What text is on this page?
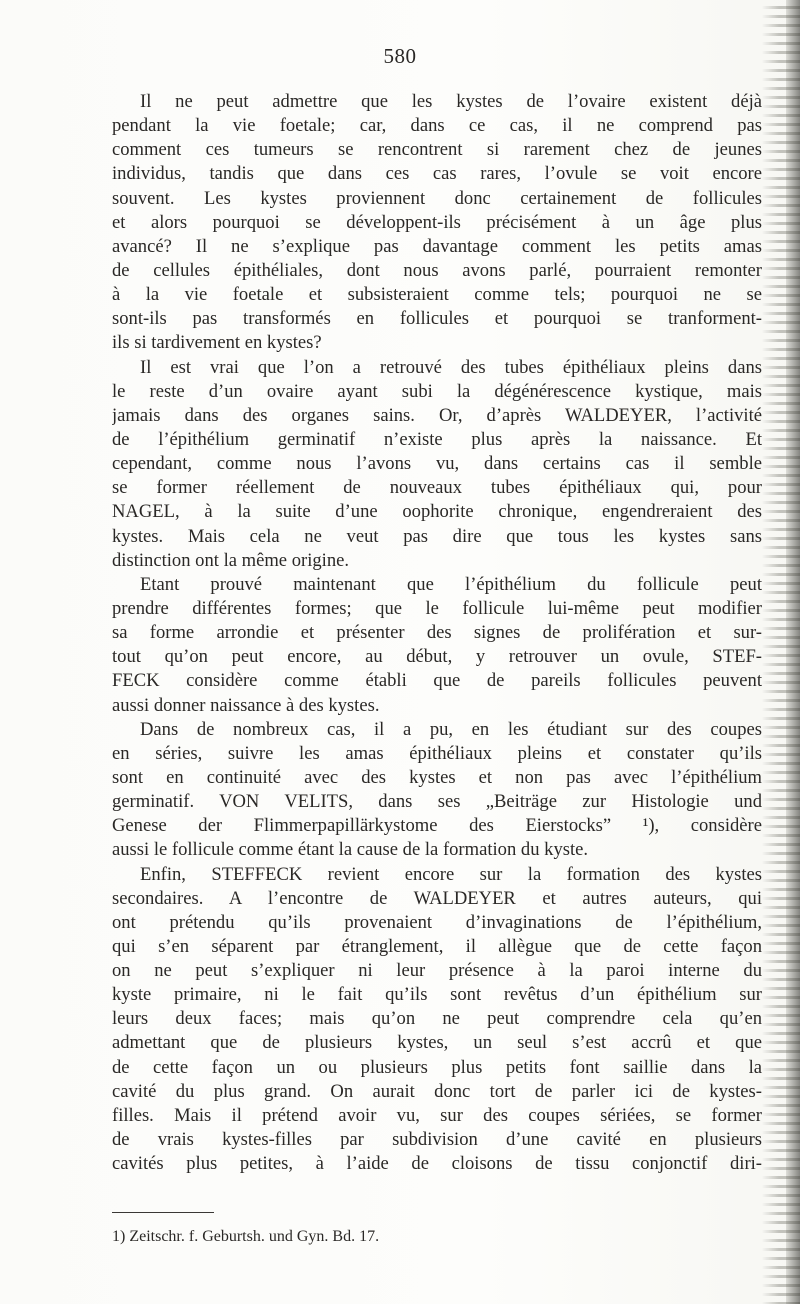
580
Il ne peut admettre que les kystes de l’ovaire existent déjà
pendant la vie foetale; car, dans ce cas, il ne comprend pas
comment ces tumeurs se rencontrent si rarement chez de jeunes
individus, tandis que dans ces cas rares, l’ovule se voit encore
souvent. Les kystes proviennent donc certainement de follicules
et alors pourquoi se développent-ils précisément à un âge plus
avancé? Il ne s’explique pas davantage comment les petits amas
de cellules épithéliales, dont nous avons parlé, pourraient remonter
à la vie foetale et subsisteraient comme tels; pourquoi ne se
sont-ils pas transformés en follicules et pourquoi se tranforment-
ils si tardivement en kystes?
Il est vrai que l’on a retrouvé des tubes épithéliaux pleins dans
le reste d’un ovaire ayant subi la dégénérescence kystique, mais
jamais dans des organes sains. Or, d’après WALDEYER, l’activité
de l’épithélium germinatif n’existe plus après la naissance. Et
cependant, comme nous l’avons vu, dans certains cas il semble
se former réellement de nouveaux tubes épithéliaux qui, pour
NAGEL, à la suite d’une oophorite chronique, engendreraient des
kystes. Mais cela ne veut pas dire que tous les kystes sans
distinction ont la même origine.
Etant prouvé maintenant que l’épithélium du follicule peut
prendre différentes formes; que le follicule lui-même peut modifier
sa forme arrondie et présenter des signes de prolifération et sur-
tout qu’on peut encore, au début, y retrouver un ovule, STEF-
FECK considère comme établi que de pareils follicules peuvent
aussi donner naissance à des kystes.
Dans de nombreux cas, il a pu, en les étudiant sur des coupes
en séries, suivre les amas épithéliaux pleins et constater qu’ils
sont en continuité avec des kystes et non pas avec l’épithélium
germinatif. VON VELITS, dans ses „Beiträge zur Histologie und
Genese der Flimmerpapillärkystome des Eierstocks” ¹), considère
aussi le follicule comme étant la cause de la formation du kyste.
Enfin, STEFFECK revient encore sur la formation des kystes
secondaires. A l’encontre de WALDEYER et autres auteurs, qui
ont prétendu qu’ils provenaient d’invaginations de l’épithélium,
qui s’en séparent par étranglement, il allègue que de cette façon
on ne peut s’expliquer ni leur présence à la paroi interne du
kyste primaire, ni le fait qu’ils sont revêtus d’un épithélium sur
leurs deux faces; mais qu’on ne peut comprendre cela qu’en
admettant que de plusieurs kystes, un seul s’est accrû et que
de cette façon un ou plusieurs plus petits font saillie dans la
cavité du plus grand. On aurait donc tort de parler ici de kystes-
filles. Mais il prétend avoir vu, sur des coupes sériées, se former
de vrais kystes-filles par subdivision d’une cavité en plusieurs
cavités plus petites, à l’aide de cloisons de tissu conjonctif diri-
1) Zeitschr. f. Geburtsh. und Gyn. Bd. 17.
